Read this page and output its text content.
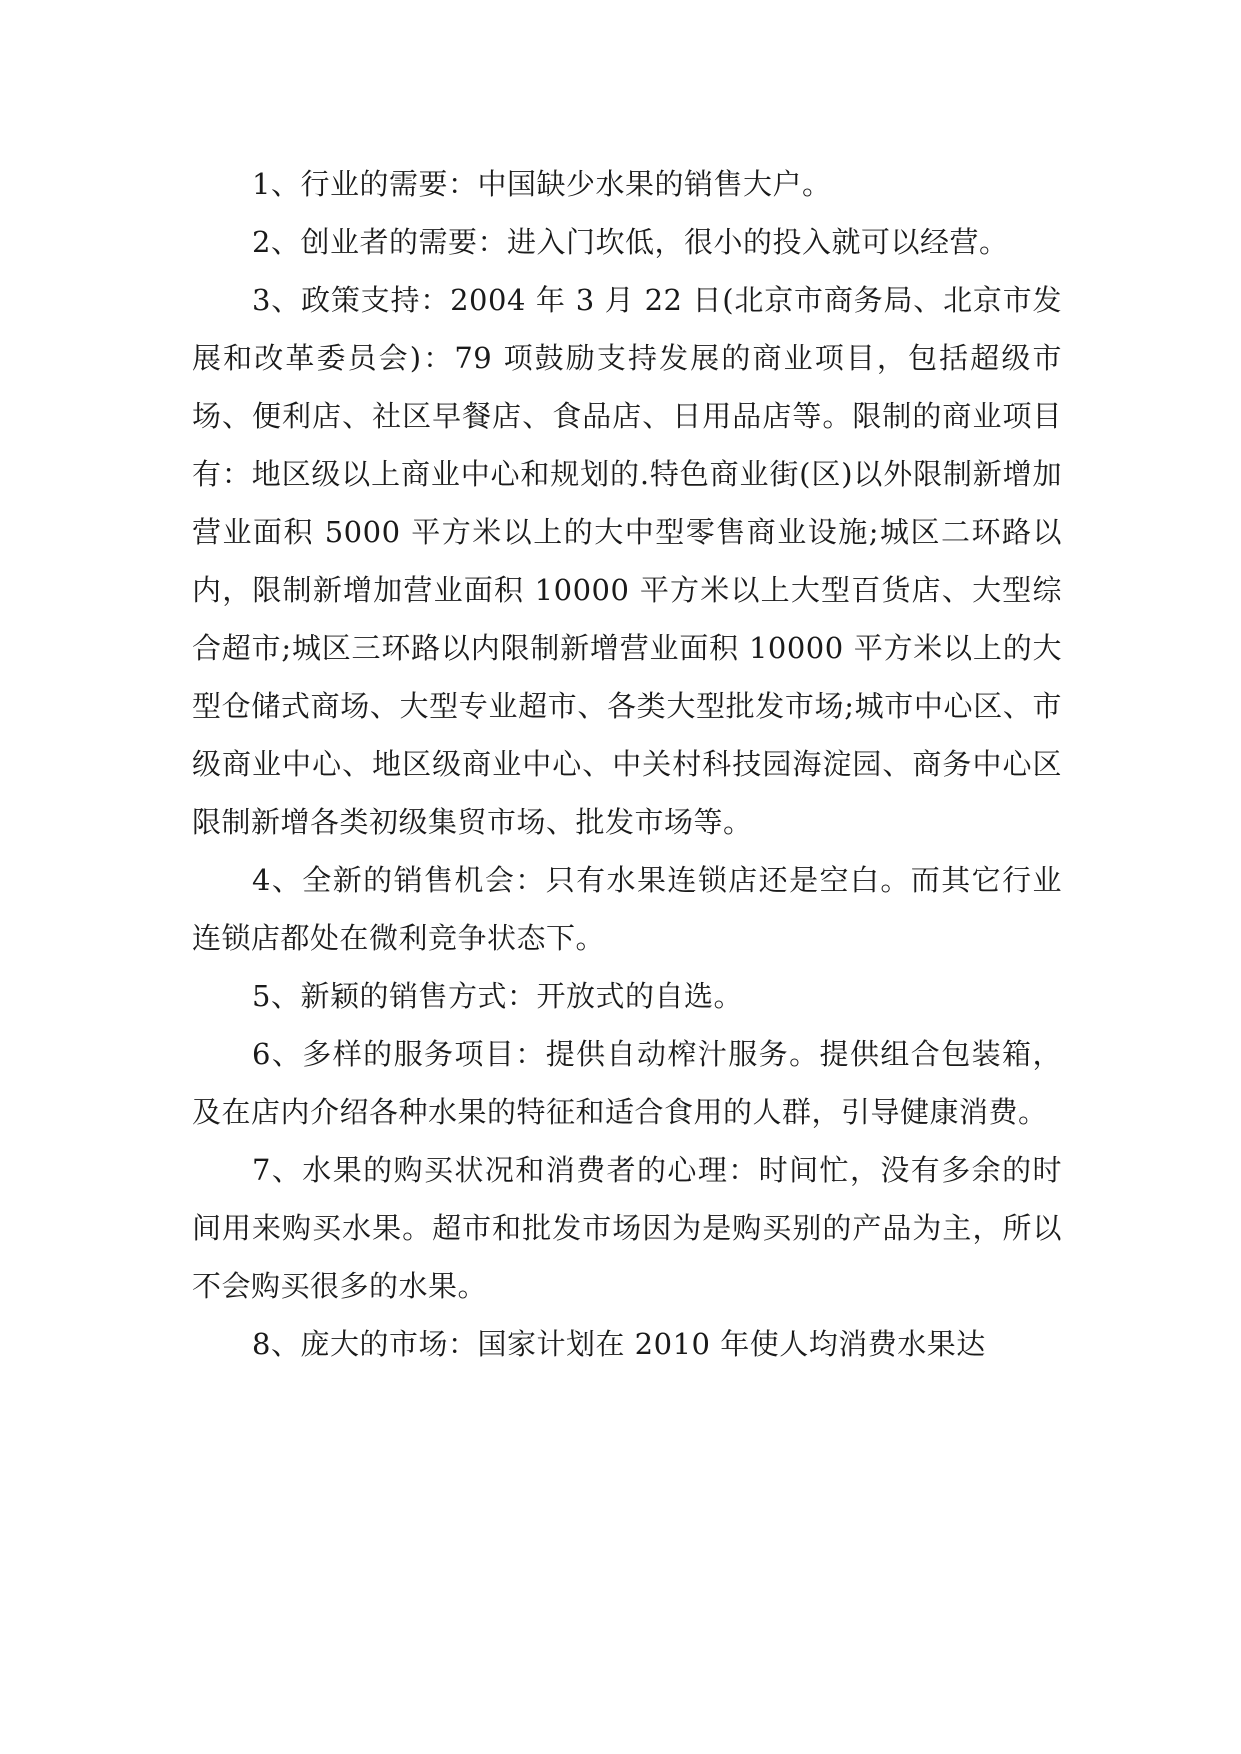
1、行业的需要：中国缺少水果的销售大户。

2、创业者的需要：进入门坎低，很小的投入就可以经营。

3、政策支持：2004 年 3 月 22 日(北京市商务局、北京市发展和改革委员会)：79 项鼓励支持发展的商业项目，包括超级市场、便利店、社区早餐店、食品店、日用品店等。限制的商业项目有：地区级以上商业中心和规划的.特色商业街(区)以外限制新增加营业面积 5000 平方米以上的大中型零售商业设施;城区二环路以内，限制新增加营业面积 10000 平方米以上大型百货店、大型综合超市;城区三环路以内限制新增营业面积 10000 平方米以上的大型仓储式商场、大型专业超市、各类大型批发市场;城市中心区、市级商业中心、地区级商业中心、中关村科技园海淀园、商务中心区限制新增各类初级集贸市场、批发市场等。

4、全新的销售机会：只有水果连锁店还是空白。而其它行业连锁店都处在微利竞争状态下。

5、新颖的销售方式：开放式的自选。

6、多样的服务项目：提供自动榨汁服务。提供组合包装箱，及在店内介绍各种水果的特征和适合食用的人群，引导健康消费。

7、水果的购买状况和消费者的心理：时间忙，没有多余的时间用来购买水果。超市和批发市场因为是购买别的产品为主，所以不会购买很多的水果。

8、庞大的市场：国家计划在 2010 年使人均消费水果达
